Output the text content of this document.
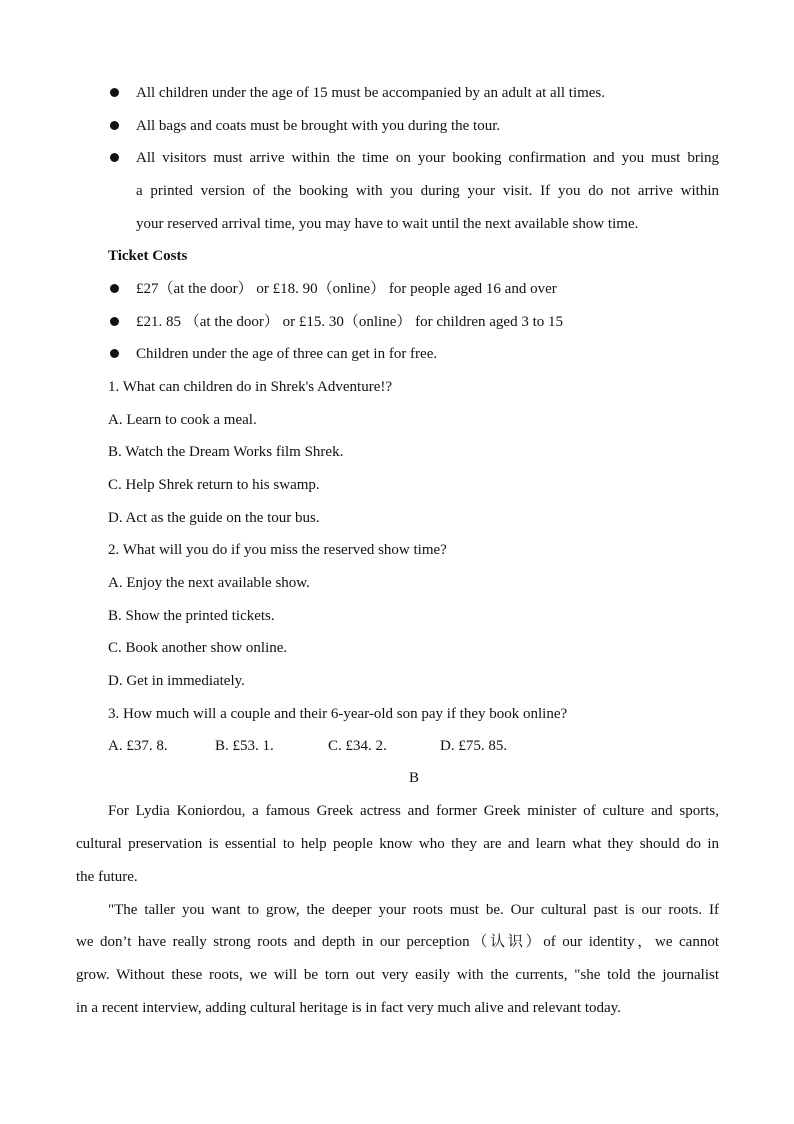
All children under the age of 15 must be accompanied by an adult at all times.
All bags and coats must be brought with you during the tour.
All visitors must arrive within the time on your booking confirmation and you must bring
a printed version of the booking with you during your visit. If you do not arrive within
your reserved arrival time, you may have to wait until the next available show time.
Ticket Costs
£27（at the door） or £18. 90（online） for people aged 16 and over
£21. 85 （at the door） or £15. 30（online） for children aged 3 to 15
Children under the age of three can get in for free.
1. What can children do in Shrek's Adventure!?
A. Learn to cook a meal.
B. Watch the Dream Works film Shrek.
C. Help Shrek return to his swamp.
D. Act as the guide on the tour bus.
2. What will you do if you miss the reserved show time?
A. Enjoy the next available show.
B. Show the printed tickets.
C. Book another show online.
D. Get in immediately.
3. How much will a couple and their 6-year-old son pay if they book online?
A. £37. 8.	B. £53. 1.	C. £34. 2.	D. £75. 85.
B
For Lydia Koniordou, a famous Greek actress and former Greek minister of culture and sports,
cultural preservation is essential to help people know who they are and learn what they should do in
the future.
"The taller you want to grow, the deeper your roots must be. Our cultural past is our roots. If
we don’t have really strong roots and depth in our perception（认识）of our identity，we cannot
grow. Without these roots, we will be torn out very easily with the currents, "she told the journalist
in a recent interview, adding cultural heritage is in fact very much alive and relevant today.
